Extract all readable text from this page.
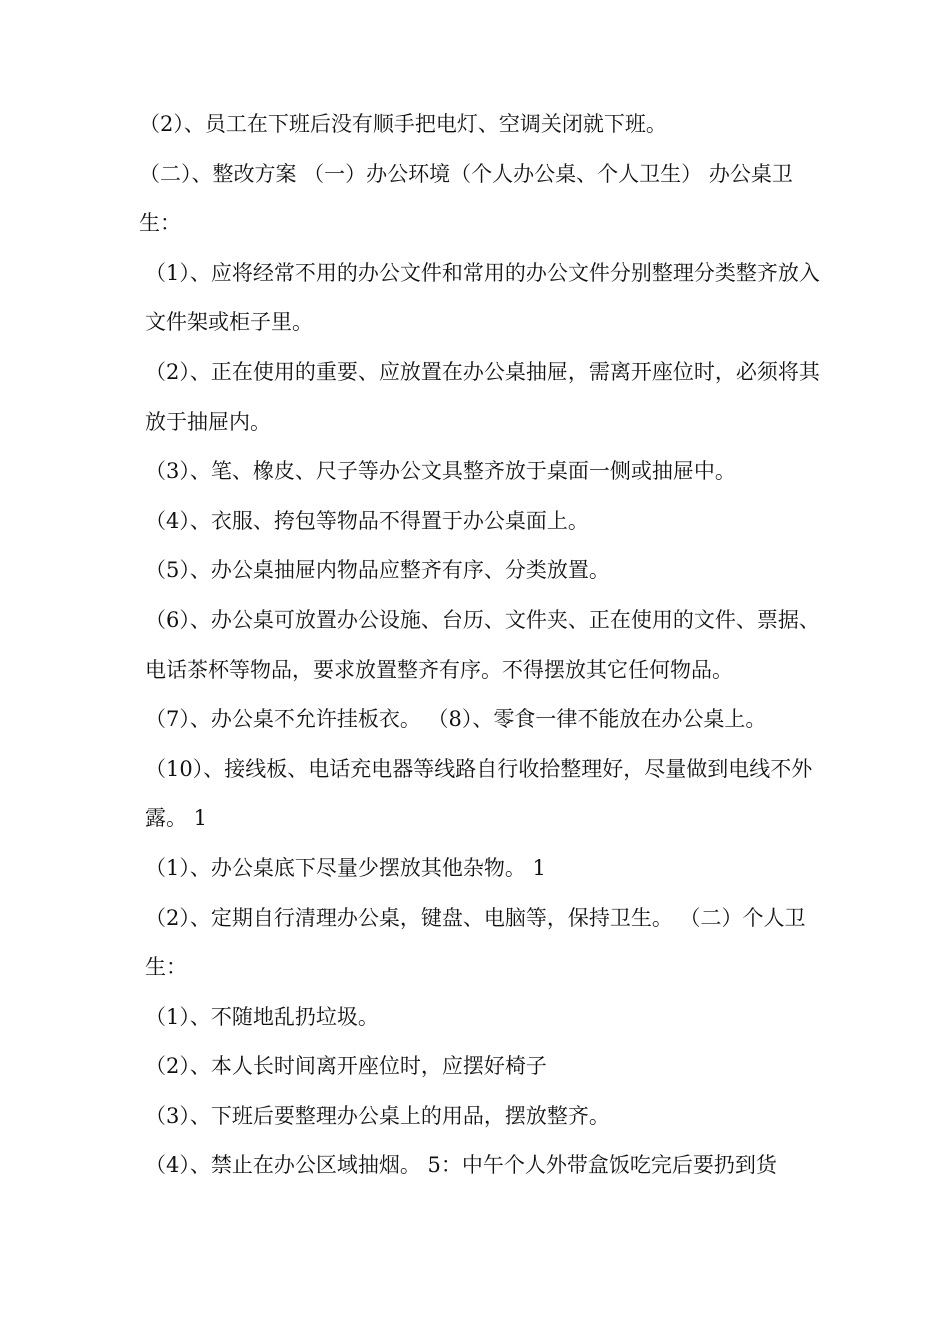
（2）、员工在下班后没有顺手把电灯、空调关闭就下班。

（二）、整改方案 （一）办公环境（个人办公桌、个人卫生） 办公桌卫生：

（1）、应将经常不用的办公文件和常用的办公文件分别整理分类整齐放入文件架或柜子里。

（2）、正在使用的重要、应放置在办公桌抽屉，需离开座位时，必须将其放于抽屉内。

（3）、笔、橡皮、尺子等办公文具整齐放于桌面一侧或抽屉中。

（4）、衣服、挎包等物品不得置于办公桌面上。

（5）、办公桌抽屉内物品应整齐有序、分类放置。

（6）、办公桌可放置办公设施、台历、文件夹、正在使用的文件、票据、电话茶杯等物品，要求放置整齐有序。不得摆放其它任何物品。

（7）、办公桌不允许挂板衣。 （8）、零食一律不能放在办公桌上。

（10）、接线板、电话充电器等线路自行收拾整理好，尽量做到电线不外露。 1

（1）、办公桌底下尽量少摆放其他杂物。 1

（2）、定期自行清理办公桌，键盘、电脑等，保持卫生。 （二）个人卫生：

（1）、不随地乱扔垃圾。

（2）、本人长时间离开座位时，应摆好椅子

（3）、下班后要整理办公桌上的用品，摆放整齐。

（4）、禁止在办公区域抽烟。 5：中午个人外带盒饭吃完后要扔到货
